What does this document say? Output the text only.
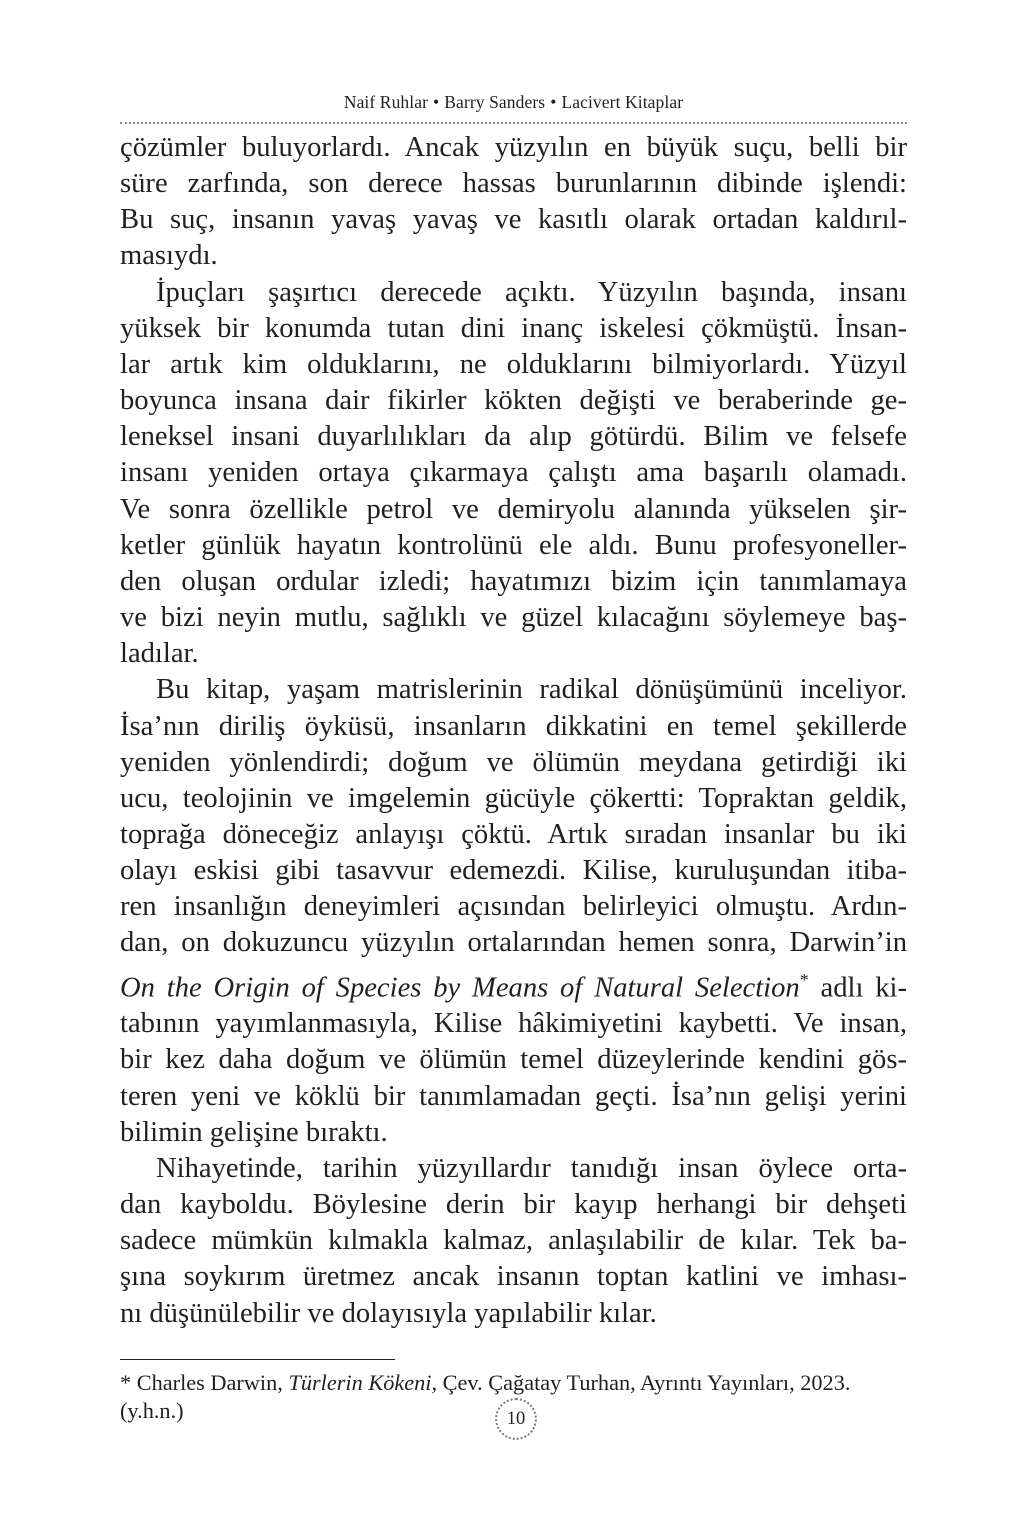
Naif Ruhlar • Barry Sanders • Lacivert Kitaplar

çözümler buluyorlardı. Ancak yüzyılın en büyük suçu, belli bir
süre zarfında, son derece hassas burunlarının dibinde işlendi:
Bu suç, insanın yavaş yavaş ve kasıtlı olarak ortadan kaldırıl-
masıydı.

İpuçları şaşırtıcı derecede açıktı. Yüzyılın başında, insanı
yüksek bir konumda tutan dini inanç iskelesi çökmüştü. İnsan-
lar artık kim olduklarını, ne olduklarını bilmiyorlardı. Yüzyıl
boyunca insana dair fikirler kökten değişti ve beraberinde ge-
leneksel insani duyarlılıkları da alıp götürdü. Bilim ve felsefe
insanı yeniden ortaya çıkarmaya çalıştı ama başarılı olamadı.
Ve sonra özellikle petrol ve demiryolu alanında yükselen şir-
ketler günlük hayatın kontrolünü ele aldı. Bunu profesyoneller-
den oluşan ordular izledi; hayatımızı bizim için tanımlamaya
ve bizi neyin mutlu, sağlıklı ve güzel kılacağını söylemeye baş-
ladılar.

Bu kitap, yaşam matrislerinin radikal dönüşümünü inceliyor.
İsa’nın diriliş öyküsü, insanların dikkatini en temel şekillerde
yeniden yönlendirdi; doğum ve ölümün meydana getirdiği iki
ucu, teolojinin ve imgelemin gücüyle çökertti: Topraktan geldik,
toprağa döneceğiz anlayışı çöktü. Artık sıradan insanlar bu iki
olayı eskisi gibi tasavvur edemezdi. Kilise, kuruluşundan itiba-
ren insanlığın deneyimleri açısından belirleyici olmuştu. Ardın-
dan, on dokuzuncu yüzyılın ortalarından hemen sonra, Darwin’in
On the Origin of Species by Means of Natural Selection* adlı ki-
tabının yayımlanmasıyla, Kilise hâkimiyetini kaybetti. Ve insan,
bir kez daha doğum ve ölümün temel düzeylerinde kendini gös-
teren yeni ve köklü bir tanımlamadan geçti. İsa’nın gelişi yerini
bilimin gelişine bıraktı.

Nihayetinde, tarihin yüzyıllardır tanıdığı insan öylece orta-
dan kayboldu. Böylesine derin bir kayıp herhangi bir dehşeti
sadece mümkün kılmakla kalmaz, anlaşılabilir de kılar. Tek ba-
şına soykırım üretmez ancak insanın toptan katlini ve imhası-
nı düşünülebilir ve dolayısıyla yapılabilir kılar.

* Charles Darwin, Türlerin Kökeni, Çev. Çağatay Turhan, Ayrıntı Yayınları, 2023.
(y.h.n.)	10
